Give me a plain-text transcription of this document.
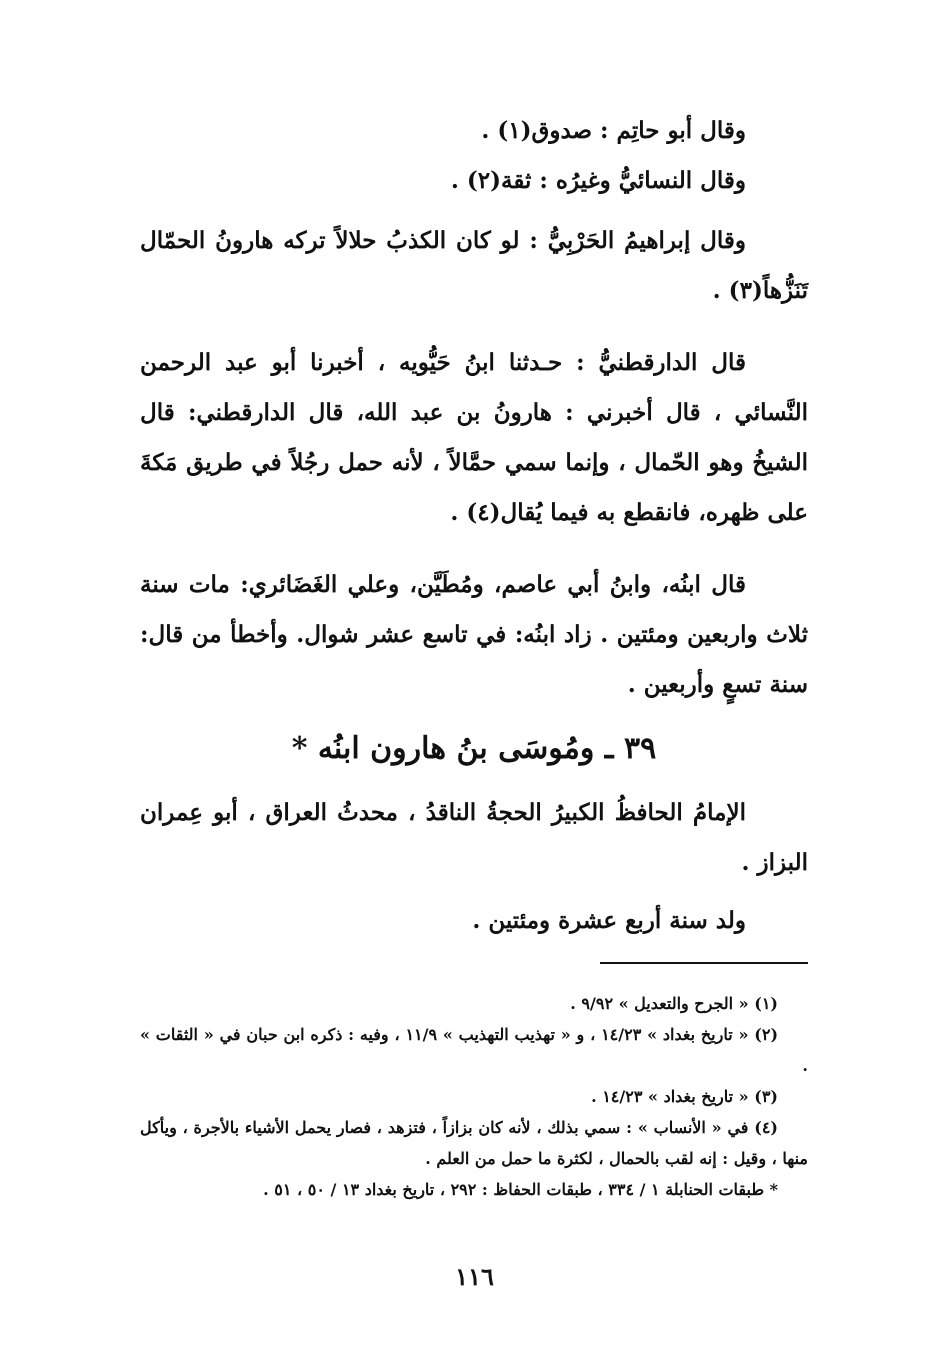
وقال أبو حاتِم : صدوق(١) .

وقال النسائيُّ وغيرُه : ثقة(٢) .

وقال إبراهيمُ الحَرْبِيُّ : لو كان الكذبُ حلالاً تركه هارونُ الحمّال تَنَزُّهاً(٣) .

قال الدارقطنيُّ : حـدثنا ابنُ حَيُّويه ، أخبرنا أبو عبد الرحمن النَّسائي ، قال أخبرني : هارونُ بن عبد الله، قال الدارقطني: قال الشيخُ وهو الحّمال ، وإنما سمي حمَّالاً ، لأنه حمل رجُلاً في طريق مَكةَ على ظهره، فانقطع به فيما يُقال(٤) .

قال ابنُه، وابنُ أبي عاصم، ومُطَيَّن، وعلي الغَضَائري: مات سنة ثلاث واربعين ومئتين . زاد ابنُه: في تاسع عشر شوال. وأخطأ من قال: سنة تسعٍ وأربعين .

٣٩ ـ ومُوسَى بنُ هارون ابنُه *

الإمامُ الحافظُ الكبيرُ الحجةُ الناقدُ ، محدثُ العراق ، أبو عِمران البزاز .

ولد سنة أربع عشرة ومئتين .

(١) « الجرح والتعديل » ٩/٩٢ .

(٢) « تاريخ بغداد » ١٤/٢٣ ، و « تهذيب التهذيب » ١١/٩ ، وفيه : ذكره ابن حبان في « الثقات » .

(٣) « تاريخ بغداد » ١٤/٢٣ .

(٤) في « الأنساب » : سمي بذلك ، لأنه كان بزازاً ، فتزهد ، فصار يحمل الأشياء بالأجرة ، ويأكل منها ، وقيل : إنه لقب بالحمال ، لكثرة ما حمل من العلم .

* طبقات الحنابلة ١ / ٣٣٤ ، طبقات الحفاظ : ٢٩٢ ، تاريخ بغداد ١٣ / ٥٠ ، ٥١ .

١١٦
